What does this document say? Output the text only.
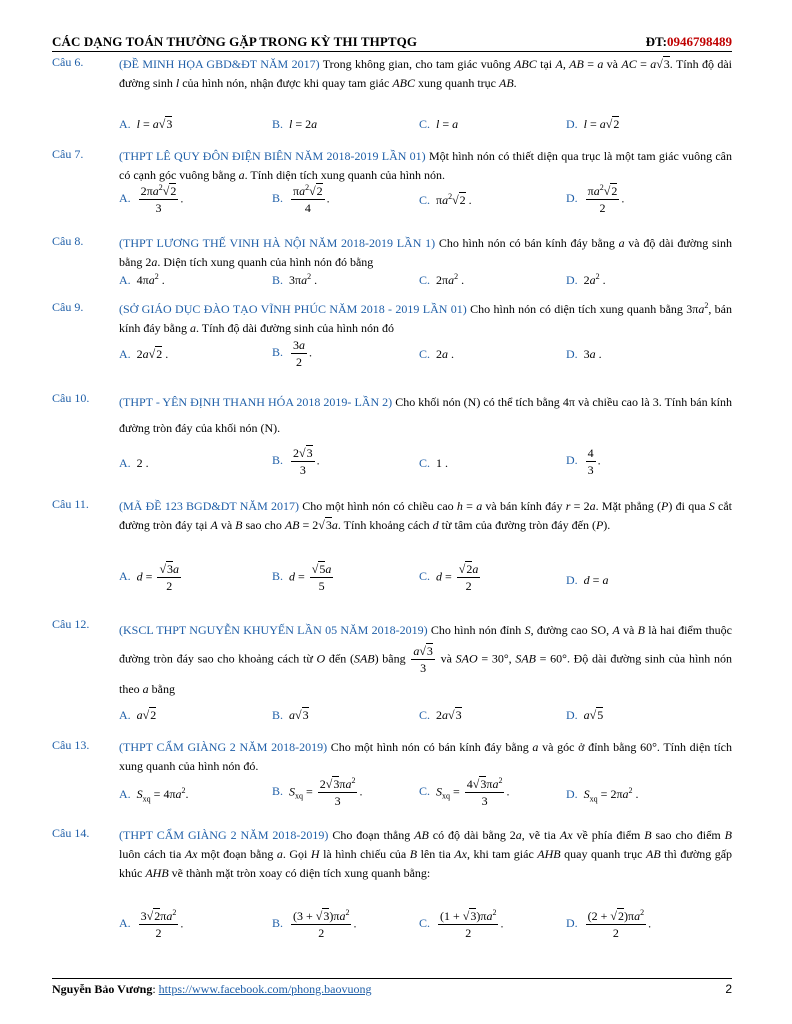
CÁC DẠNG TOÁN THƯỜNG GẶP TRONG KỲ THI THPTQG	ĐT:0946798489
Câu 6.	(ĐỀ MINH HỌA GBD&ĐT NĂM 2017) Trong không gian, cho tam giác vuông ABC tại A, AB = a và AC = a√3. Tính độ dài đường sinh l của hình nón, nhận được khi quay tam giác ABC xung quanh trục AB.
A. l = a√3	B. l = 2a	C. l = a	D. l = a√2
Câu 7.	(THPT LÊ QUY ĐÔN ĐIỆN BIÊN NĂM 2018-2019 LẦN 01) Một hình nón có thiết diện qua trục là một tam giác vuông cân có cạnh góc vuông bằng a. Tính diện tích xung quanh của hình nón.
A. $\frac{2\pi a^2√2}{3}$ .	B. $\frac{\pi a^2√2}{4}$ .	C. $\pi a^2√2$ .	D. $\frac{\pi a^2√2}{2}$ .
Câu 8.	(THPT LƯƠNG THẾ VINH HÀ NỘI NĂM 2018-2019 LẦN 1) Cho hình nón có bán kính đáy bằng a và độ dài đường sinh bằng 2a. Diện tích xung quanh của hình nón đó bằng
A. $4\pi a^2$ .	B. $3\pi a^2$ .	C. $2\pi a^2$ .	D. $2a^2$ .
Câu 9.	(SỞ GIÁO DỤC ĐÀO TẠO VĨNH PHÚC NĂM 2018 - 2019 LẦN 01) Cho hình nón có diện tích xung quanh bằng $3\pi a^2$, bán kính đáy bằng a. Tính độ dài đường sinh của hình nón đó
A. 2a√2 .	B. $\frac{3a}{2}$ .	C. 2a .	D. 3a .
Câu 10. (THPT - YÊN ĐỊNH THANH HÓA 2018 2019- LẦN 2) Cho khối nón (N) có thể tích bằng 4π và chiều cao là 3. Tính bán kính đường tròn đáy của khối nón (N).
A. 2 .	B. $\frac{2√3}{3}$ .	C. 1 .	D. $\frac{4}{3}$ .
Câu 11.	(MÃ ĐỀ 123 BGD&DT NĂM 2017) Cho một hình nón có chiều cao h = a và bán kính đáy r = 2a. Mặt phẳng (P) đi qua S cắt đường tròn đáy tại A và B sao cho AB = 2√3a. Tính khoảng cách d từ tâm của đường tròn đáy đến (P).
A. $d = \frac{√3a}{2}$	B. $d = \frac{√5a}{5}$	C. $d = \frac{√2a}{2}$	D. d = a
Câu 12. (KSCL THPT NGUYỄN KHUYẾN LẦN 05 NĂM 2018-2019) Cho hình nón đỉnh S, đường cao SO, A và B là hai điểm thuộc đường tròn đáy sao cho khoảng cách từ O đến (SAB) bằng $\frac{a√3}{3}$ và SAO = 30°, SAB = 60°. Độ dài đường sinh của hình nón theo a bằng
A. a√2	B. a√3	C. 2a√3	D. a√5
Câu 13. (THPT CẨM GIÀNG 2 NĂM 2018-2019) Cho một hình nón có bán kính đáy bằng a và góc ở đỉnh bằng 60°. Tính diện tích xung quanh của hình nón đó.
A. $S_{xq} = 4\pi a^2$.	B. $S_{xq} = \frac{2√3\pi a^2}{3}$ .	C. $S_{xq} = \frac{4√3\pi a^2}{3}$ .	D. $S_{xq} = 2\pi a^2$ .
Câu 14. (THPT CẨM GIÀNG 2 NĂM 2018-2019) Cho đoạn thẳng AB có độ dài bằng 2a, vẽ tia Ax về phía điểm B sao cho điểm B luôn cách tia Ax một đoạn bằng a. Gọi H là hình chiếu của B lên tia Ax, khi tam giác AHB quay quanh trục AB thì đường gấp khúc AHB vẽ thành mặt tròn xoay có diện tích xung quanh bằng:
A. $\frac{3√2\pi a^2}{2}$ .	B. $\frac{(3 + √3)\pi a^2}{2}$ .	C. $\frac{(1 + √3)\pi a^2}{2}$ .	D. $\frac{(2 + √2)\pi a^2}{2}$ .
Nguyễn Bảo Vương: https://www.facebook.com/phong.baovuong	2
